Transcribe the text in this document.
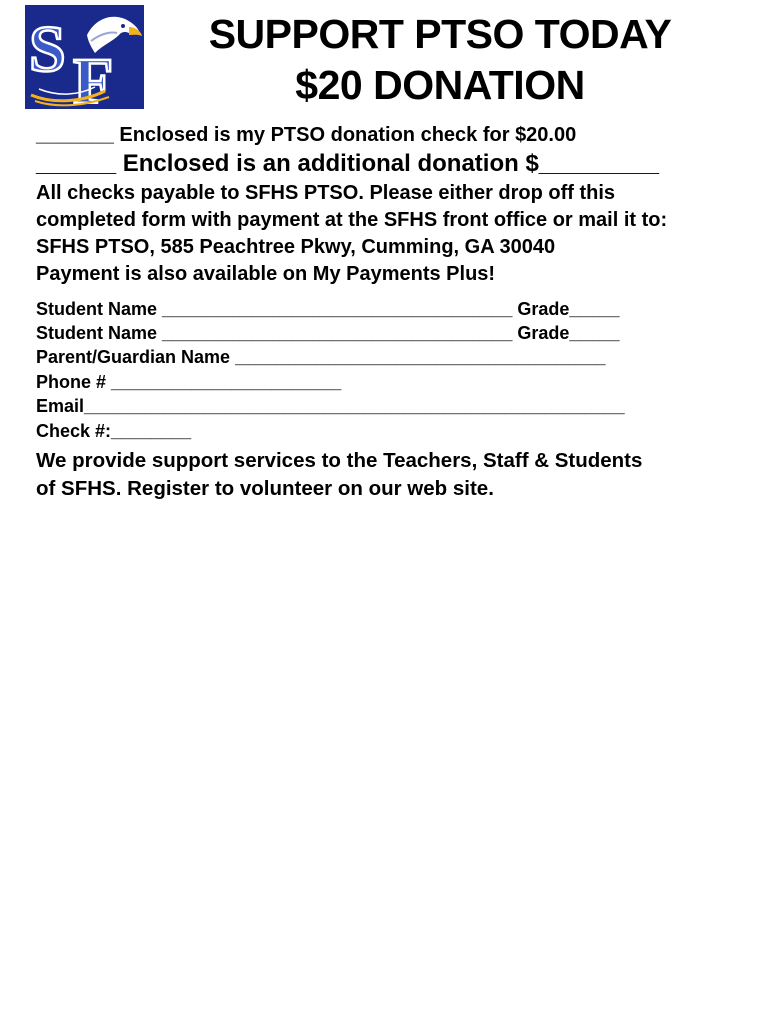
S F
SUPPORT PTSO TODAY
$20 DONATION
_______ Enclosed is my PTSO donation check for $20.00
______ Enclosed is an additional donation $_________
All checks payable to SFHS PTSO. Please either drop off this
completed form with payment at the SFHS front office or mail it to:
SFHS PTSO, 585 Peachtree Pkwy, Cumming, GA 30040
Payment is also available on My Payments Plus!
Student Name ___________________________________ Grade_____
Student Name ___________________________________ Grade_____
Parent/Guardian Name _____________________________________
Phone # _______________________
Email______________________________________________________
Check #:________
We provide support services to the Teachers, Staff & Students
of SFHS. Register to volunteer on our web site.
